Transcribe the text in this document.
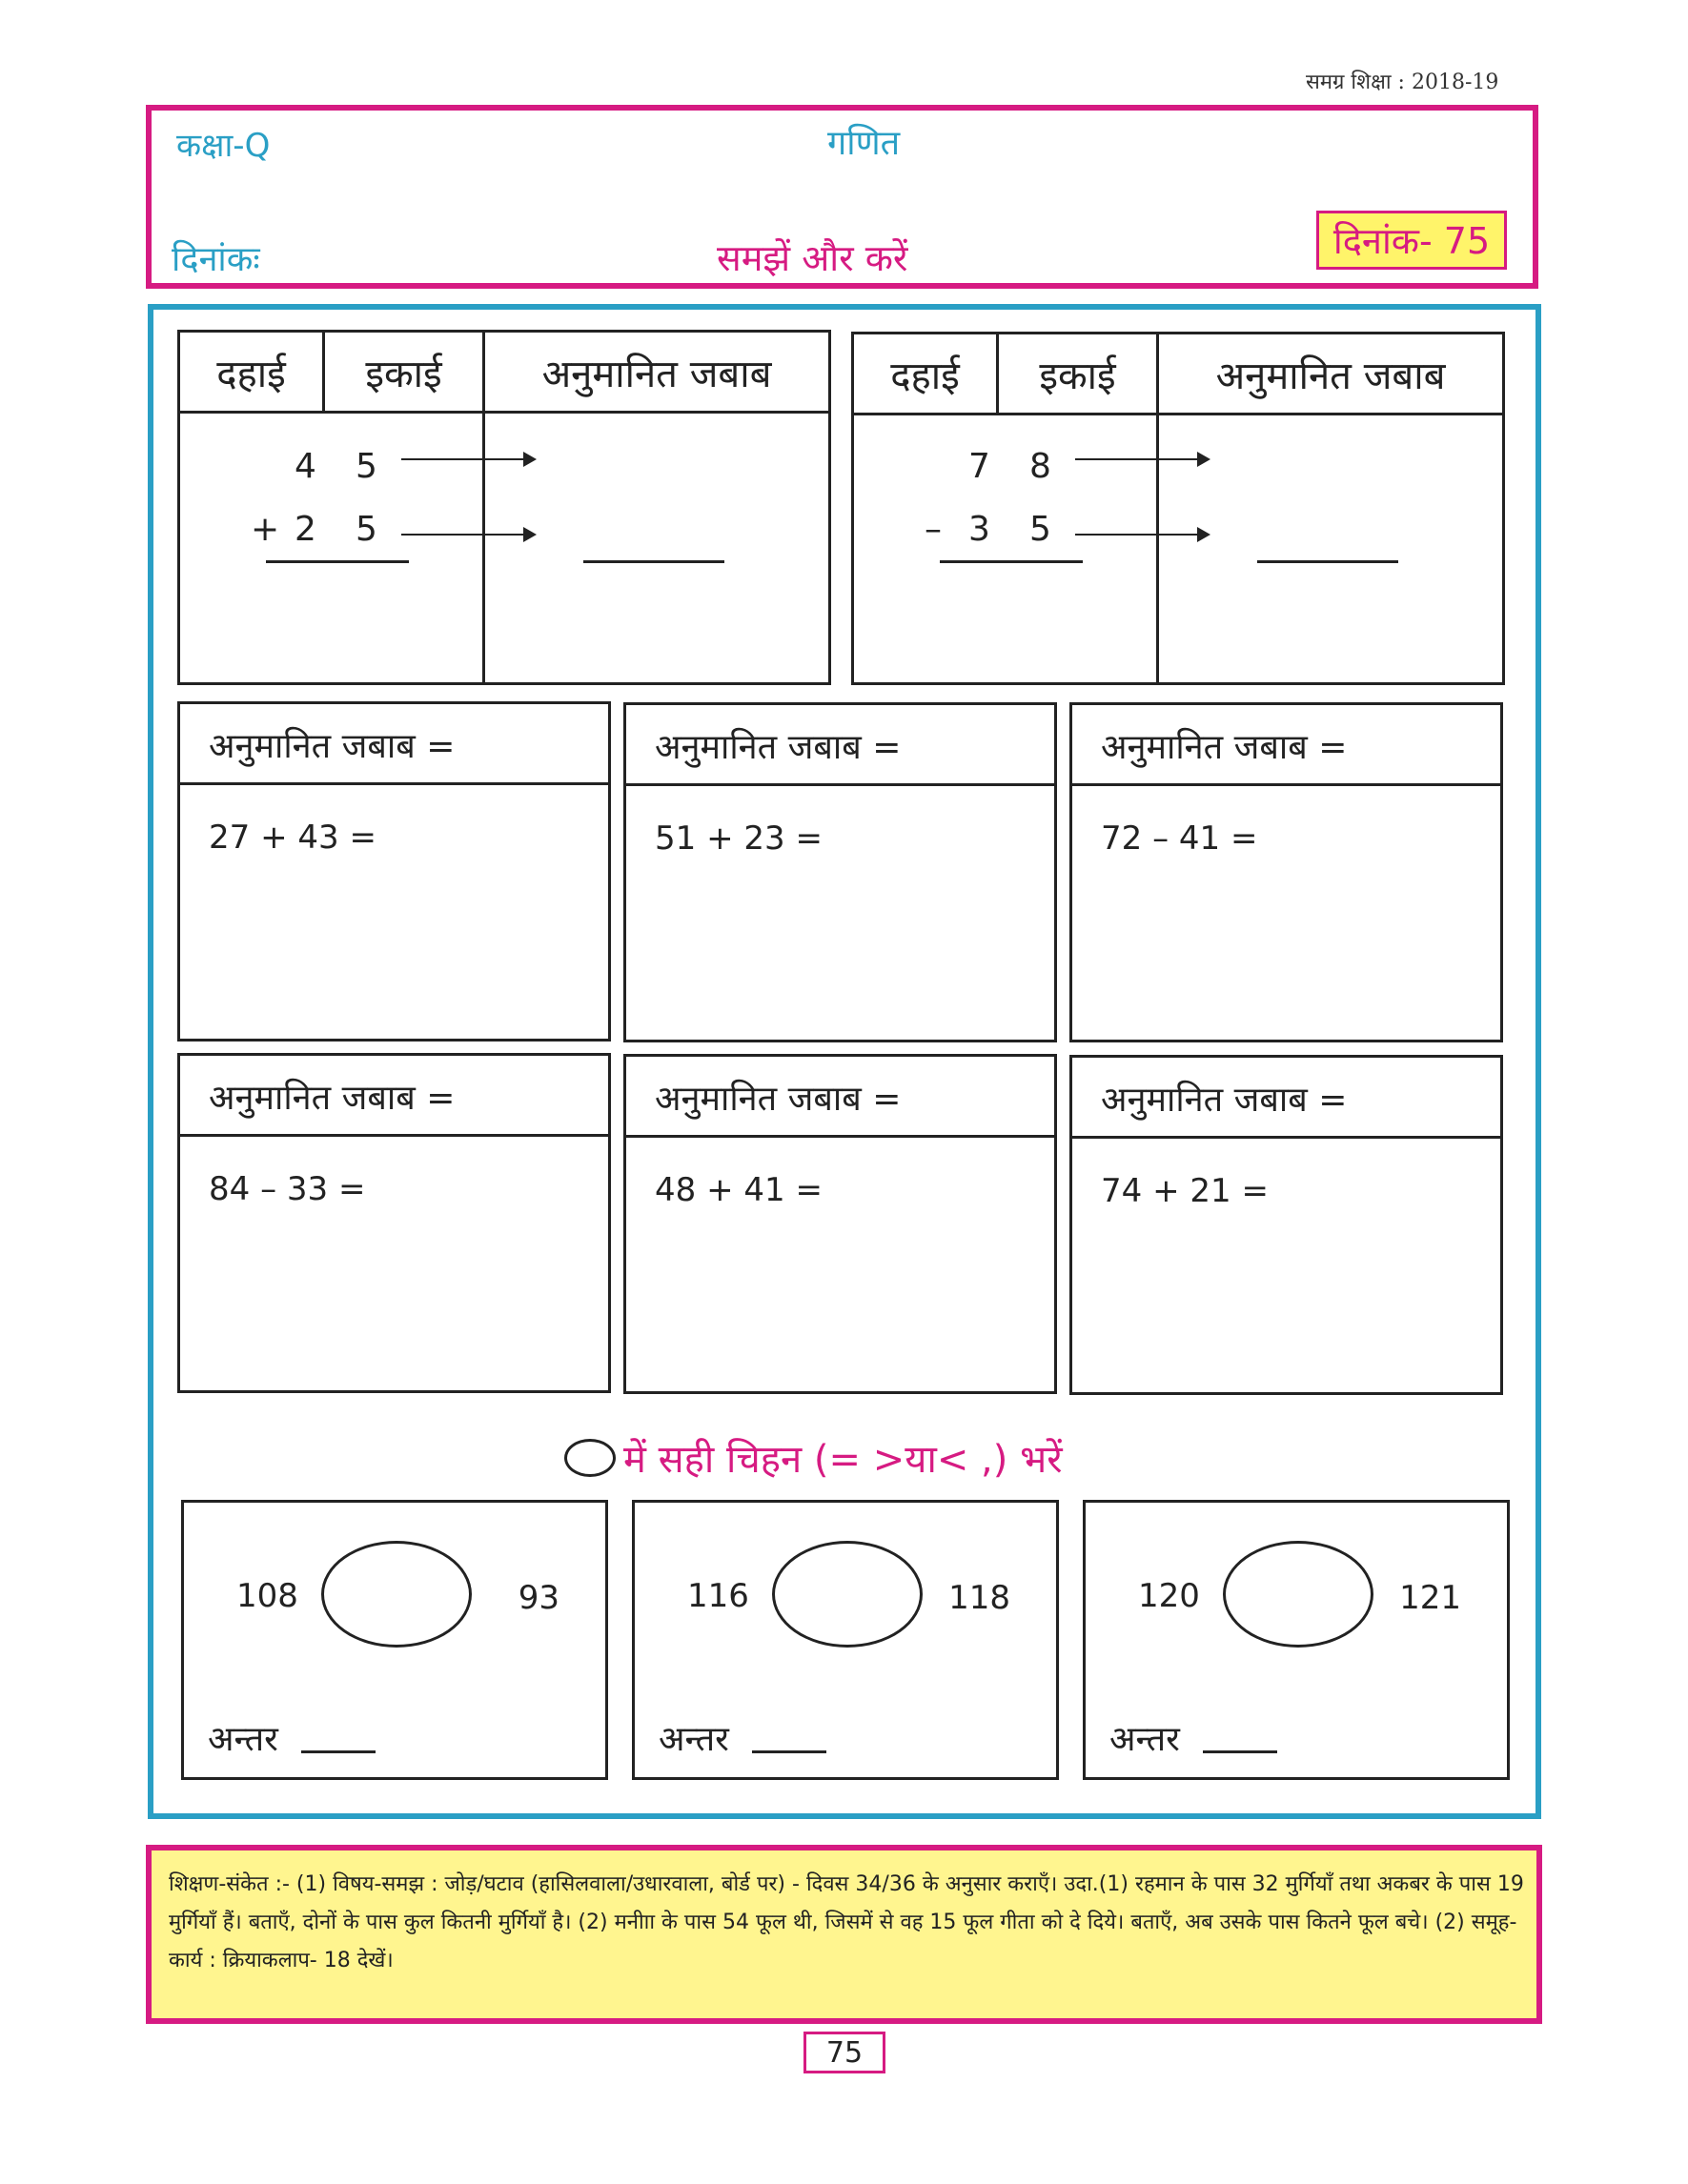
समग्र शिक्षा : 2018-19
कक्षा-Q	गणित
दिनांकः	समझें और करें	दिनांक- 75
दहाई	इकाई	अनुमानित जबाब
4 5
+ 2 5
दहाई	इकाई	अनुमानित जबाब
7 8
– 3 5
अनुमानित जबाब =
27 + 43 =
अनुमानित जबाब =
51 + 23 =
अनुमानित जबाब =
72 – 41 =
अनुमानित जबाब =
84 – 33 =
अनुमानित जबाब =
48 + 41 =
अनुमानित जबाब =
74 + 21 =
में सही चिहन (= >या< ,) भरें
108	93
अन्तर
116	118
अन्तर
120	121
अन्तर
शिक्षण-संकेत :- (1) विषय-समझ : जोड़/घटाव (हासिलवाला/उधारवाला, बोर्ड पर) - दिवस 34/36 के अनुसार कराएँ। उदा.(1) रहमान के पास 32 मुर्गियाँ तथा अकबर के पास 19 मुर्गियाँ हैं। बताएँ, दोनों के पास कुल कितनी मुर्गियाँ है। (2) मनीाा के पास 54 फूल थी, जिसमें से वह 15 फूल गीता को दे दिये। बताएँ, अब उसके पास कितने फूल बचे। (2) समूह-कार्य : क्रियाकलाप- 18 देखें।
75
